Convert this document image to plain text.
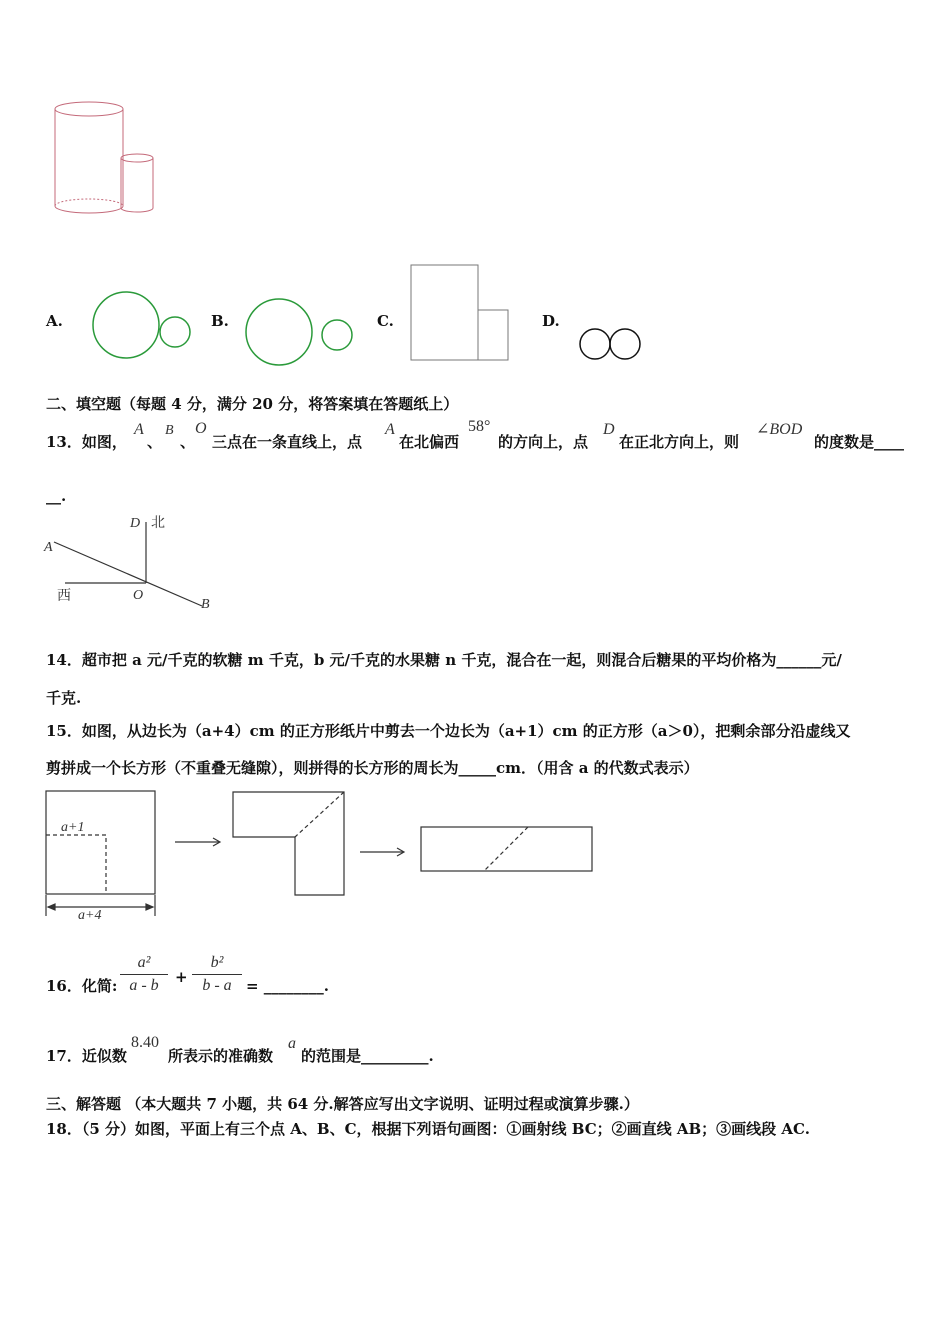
A.	B.	C.	D.
二、填空题（每题 4 分，满分 20 分，将答案填在答题纸上）
13．如图，
A
、
B
、
O
三点在一条直线上，点
A
在北偏西
58°
的方向上，点
D
在正北方向上，则
∠BOD
的度数是____
__.
D 北
A
西	O
B
14．超市把 a 元/千克的软糖 m 千克，b 元/千克的水果糖 n 千克，混合在一起，则混合后糖果的平均价格为______元/
千克.
15．如图，从边长为（a+4）cm 的正方形纸片中剪去一个边长为（a+1）cm 的正方形（a＞0），把剩余部分沿虚线又
剪拼成一个长方形（不重叠无缝隙），则拼得的长方形的周长为_____cm．（用含 a 的代数式表示）
a+1
a+4
16．化简:
a²
a - b	+
b²
b - a = ________.
17．近似数
8.40
所表示的准确数
a
的范围是_________.
三、解答题 （本大题共 7 小题，共 64 分.解答应写出文字说明、证明过程或演算步骤.）
18．（5 分）如图，平面上有三个点 A、B、C，根据下列语句画图：①画射线 BC；②画直线 AB；③画线段 AC.
